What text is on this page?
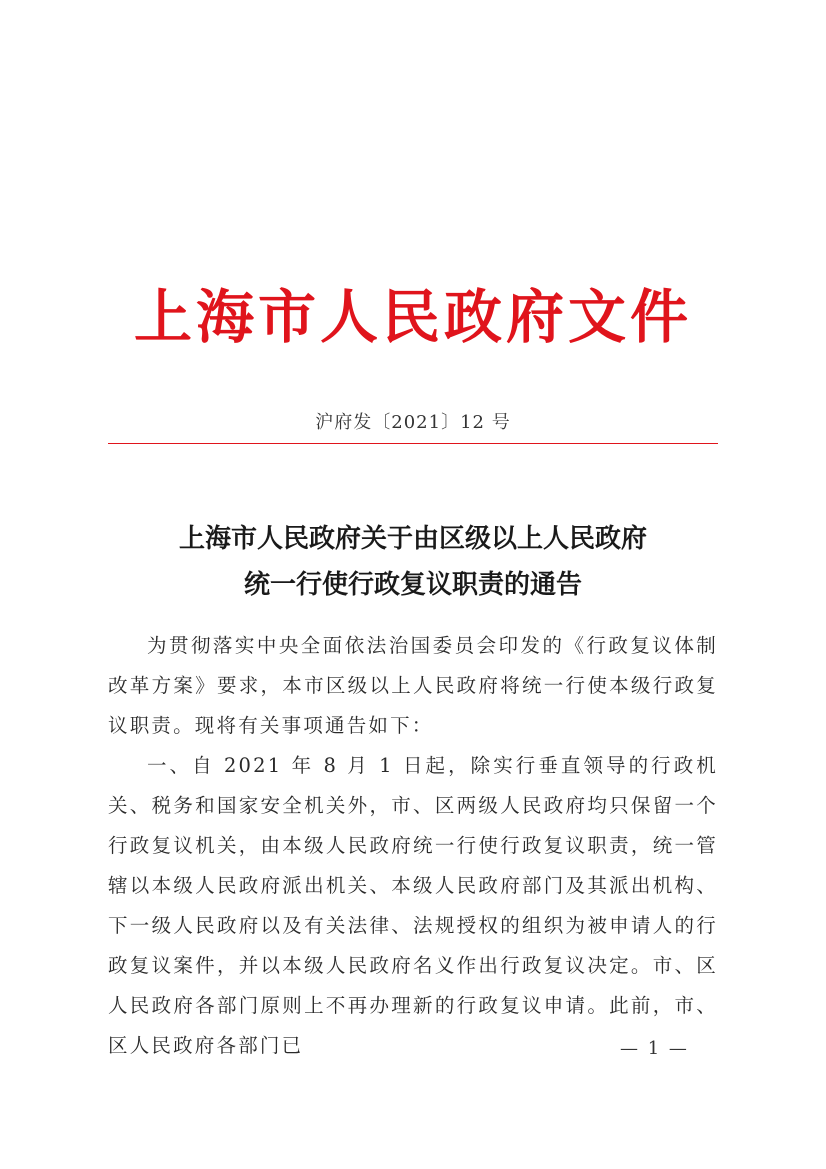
上海市人民政府文件
沪府发〔2021〕12 号
上海市人民政府关于由区级以上人民政府
统一行使行政复议职责的通告

为贯彻落实中央全面依法治国委员会印发的《行政复议体制改革方案》要求，本市区级以上人民政府将统一行使本级行政复议职责。现将有关事项通告如下：

一、自 2021 年 8 月 1 日起，除实行垂直领导的行政机关、税务和国家安全机关外，市、区两级人民政府均只保留一个行政复议机关，由本级人民政府统一行使行政复议职责，统一管辖以本级人民政府派出机关、本级人民政府部门及其派出机构、下一级人民政府以及有关法律、法规授权的组织为被申请人的行政复议案件，并以本级人民政府名义作出行政复议决定。市、区人民政府各部门原则上不再办理新的行政复议申请。此前，市、区人民政府各部门已	— 1 —
